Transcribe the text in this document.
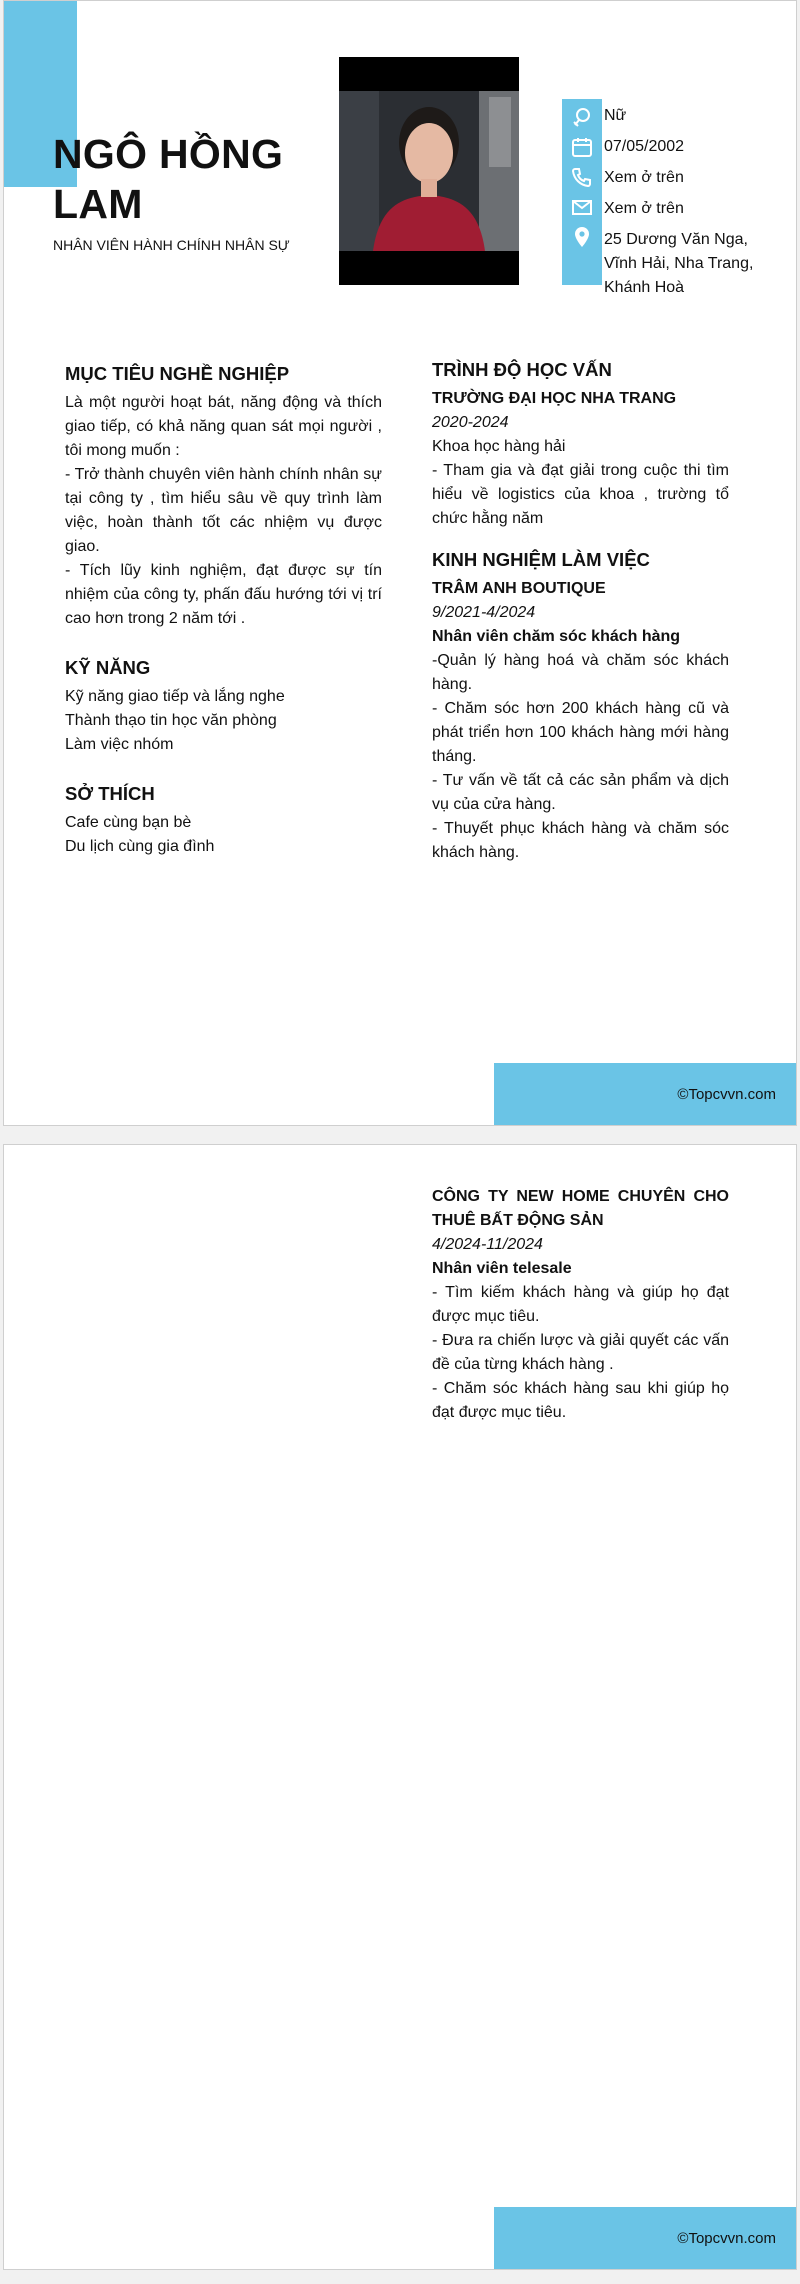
NGÔ HỒNG LAM
NHÂN VIÊN HÀNH CHÍNH NHÂN SỰ
Nữ
07/05/2002
Xem ở trên
Xem ở trên
25 Dương Văn Nga, Vĩnh Hải, Nha Trang, Khánh Hoà
MỤC TIÊU NGHỀ NGHIỆP

Là một người hoạt bát, năng động và thích giao tiếp, có khả năng quan sát mọi người , tôi mong muốn :

- Trở thành chuyên viên hành chính nhân sự tại công ty , tìm hiểu sâu về quy trình làm việc, hoàn thành tốt các nhiệm vụ được giao.

- Tích lũy kinh nghiệm, đạt được sự tín nhiệm của công ty, phấn đấu hướng tới vị trí cao hơn trong 2 năm tới .

KỸ NĂNG
Kỹ năng giao tiếp và lắng nghe
Thành thạo tin học văn phòng
Làm việc nhóm
SỞ THÍCH
Cafe cùng bạn bè
Du lịch cùng gia đình
TRÌNH ĐỘ HỌC VẤN
TRƯỜNG ĐẠI HỌC NHA TRANG
2020-2024
Khoa học hàng hải

- Tham gia và đạt giải trong cuộc thi tìm hiểu về logistics của khoa , trường tổ chức hằng năm

KINH NGHIỆM LÀM VIỆC
TRÂM ANH BOUTIQUE
9/2021-4/2024
Nhân viên chăm sóc khách hàng

-Quản lý hàng hoá và chăm sóc khách hàng.

- Chăm sóc hơn 200 khách hàng cũ và phát triển hơn 100 khách hàng mới hàng tháng.

- Tư vấn về tất cả các sản phẩm và dịch vụ của cửa hàng.

- Thuyết phục khách hàng và chăm sóc khách hàng.

©Topcvvn.com
CÔNG TY NEW HOME CHUYÊN CHO THUÊ BẤT ĐỘNG SẢN
4/2024-11/2024
Nhân viên telesale

- Tìm kiếm khách hàng và giúp họ đạt được mục tiêu.

- Đưa ra chiến lược và giải quyết các vấn đề của từng khách hàng .

- Chăm sóc khách hàng sau khi giúp họ đạt được mục tiêu.

©Topcvvn.com
